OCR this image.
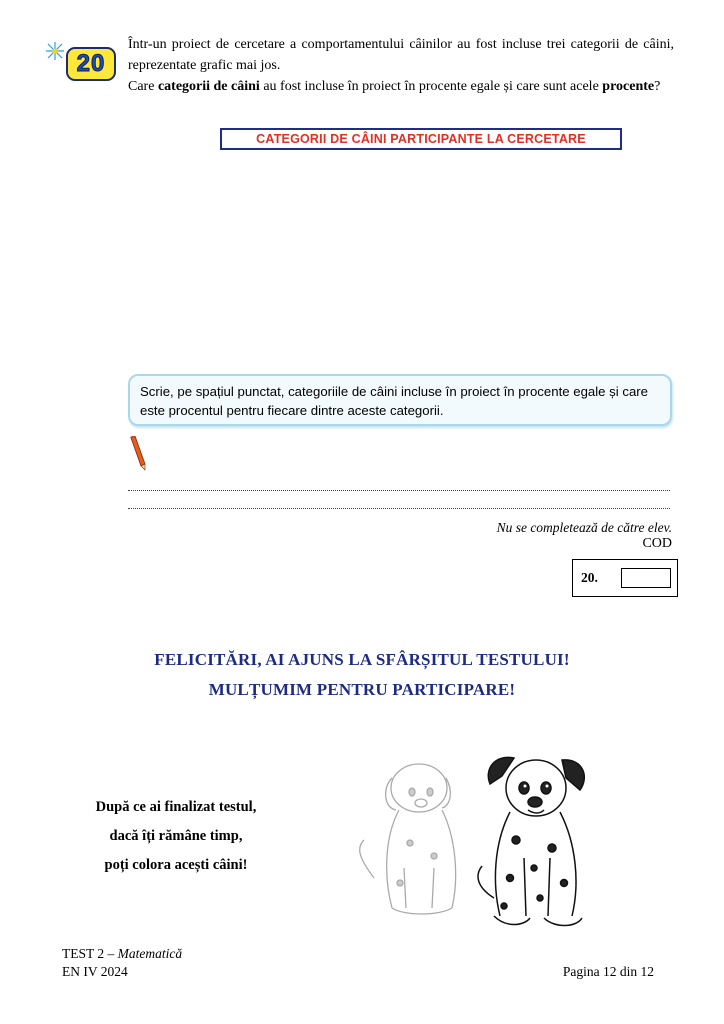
20

Într-un proiect de cercetare a comportamentului câinilor au fost incluse trei categorii de câini, reprezentate grafic mai jos.

Care categorii de câini au fost incluse în proiect în procente egale și care sunt acele procente?

CATEGORII DE CÂINI PARTICIPANTE LA CERCETARE
0%
5%
10%
15%
20%
25%
30%
35%
40%
45%
50%
55%
CÂINI DE TALIE MICĂ	CÂINI DE TALIE MEDIE	CÂINI DE TALIE MARE
Scrie, pe spațiul punctat, categoriile de câini incluse în proiect în procente egale și care este procentul pentru fiecare dintre aceste categorii.
Nu se completează de către elev.
COD
20.
FELICITĂRI, AI AJUNS LA SFÂRȘITUL TESTULUI!
MULȚUMIM PENTRU PARTICIPARE!
După ce ai finalizat testul,
dacă îți rămâne timp,
poți colora acești câini!
TEST 2 – Matematică
EN IV 2024	Pagina 12 din 12
